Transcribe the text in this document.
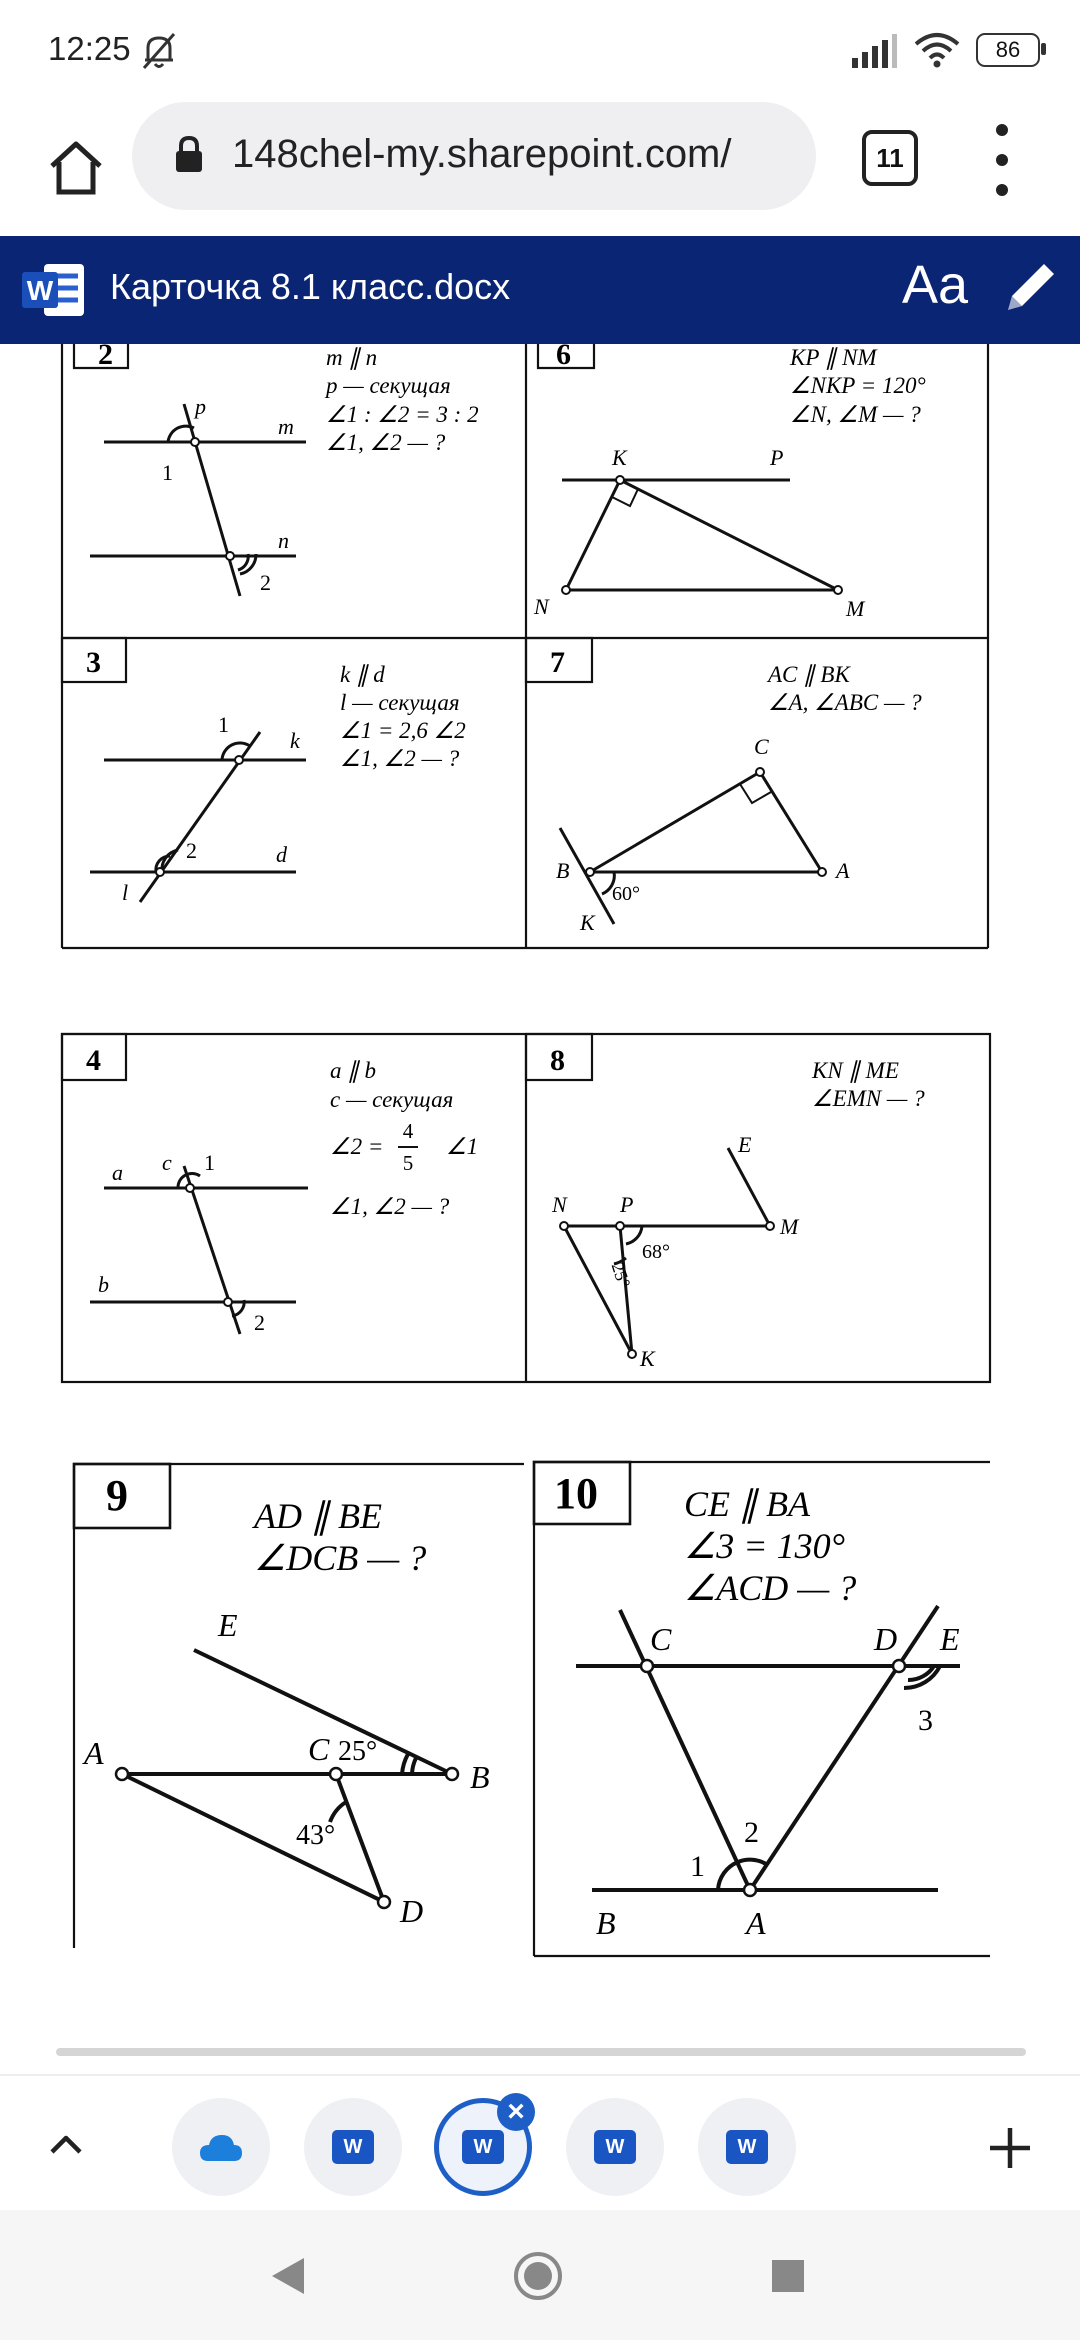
12:25	86
148chel-my.sharepoint.com/	11
W Карточка 8.1 класс.docx	Aa
2	6
3	7
4	8
9	10
m ∥ n
p — секущая
∠1 : ∠2 = 3 : 2
∠1, ∠2 — ?
p
m
n
1
2
KP ∥ NM
∠NKP = 120°
∠N, ∠M — ?
K	P
N	M
k ∥ d
l — секущая
∠1 = 2,6 ∠2
∠1, ∠2 — ?
1
k
2	d
l
AC ∥ BK
∠A, ∠ABC — ?
C
B	A
K
60°
a ∥ b
c — секущая
∠2 =
4
5
∠1
∠1, ∠2 — ?
a c 1
b
2
KN ∥ ME
∠EMN — ?
E
N P
M
K
68°
25°
AD ∥ BE
∠DCB — ?
E
A	C
B
D
25°
43°
CE ∥ BA
∠3 = 130°
∠ACD — ?
C	D E
3
2
1
B	A
W	W
×
W	W
